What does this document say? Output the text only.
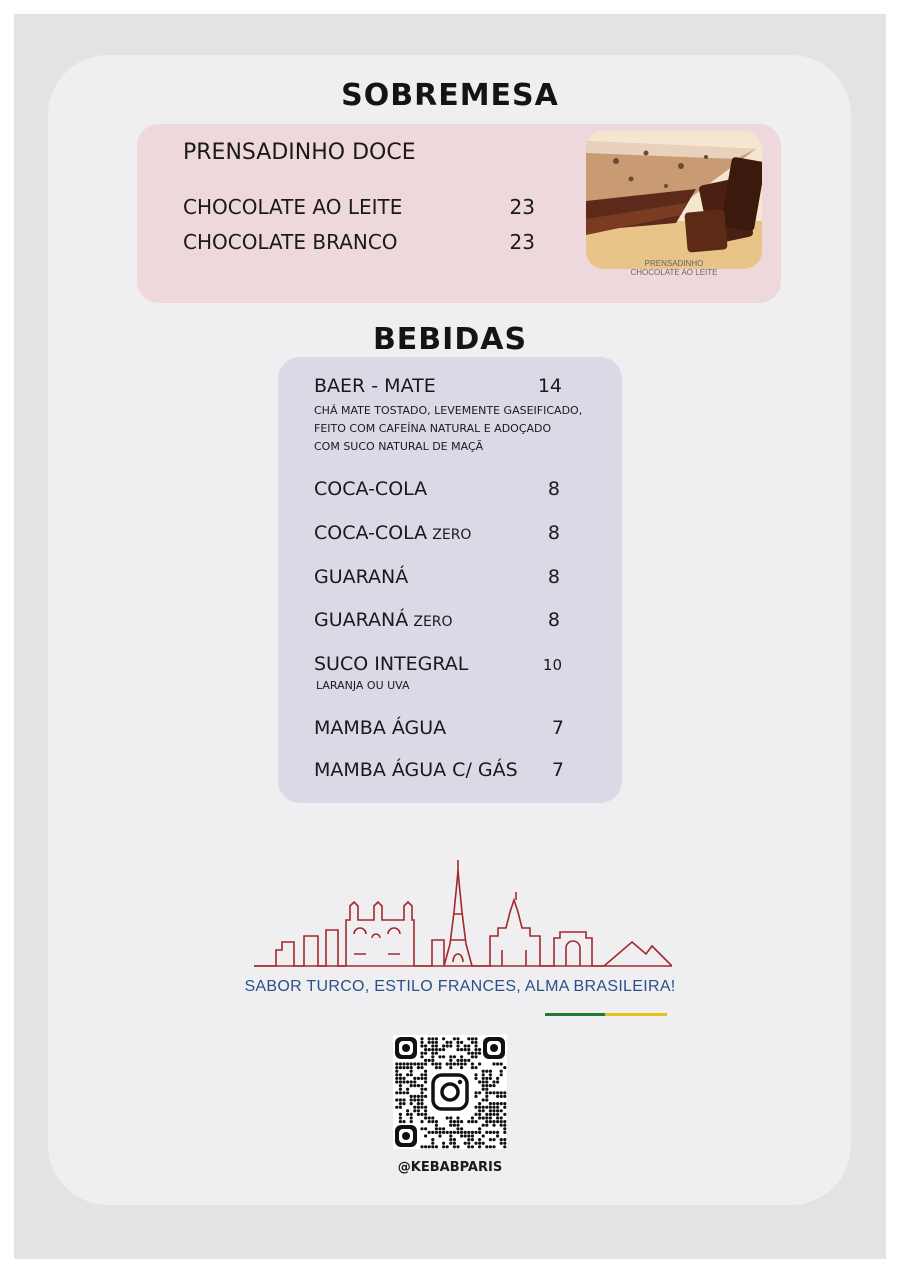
SOBREMESA
PRENSADINHO DOCE
CHOCOLATE AO LEITE	23
CHOCOLATE BRANCO	23
PRENSADINHO
CHOCOLATE AO LEITE
BEBIDAS
BAER - MATE	14
CHÁ MATE TOSTADO, LEVEMENTE GASEIFICADO,
FEITO COM CAFEÍNA NATURAL E ADOÇADO
COM SUCO NATURAL DE MAÇÃ
COCA-COLA	8
COCA-COLA ZERO	8
GUARANÁ	8
GUARANÁ ZERO	8
SUCO INTEGRAL	10
LARANJA OU UVA
MAMBA ÁGUA	7
MAMBA ÁGUA C/ GÁS	7
SABOR TURCO, ESTILO FRANCES, ALMA BRASILEIRA!
@KEBABPARIS
